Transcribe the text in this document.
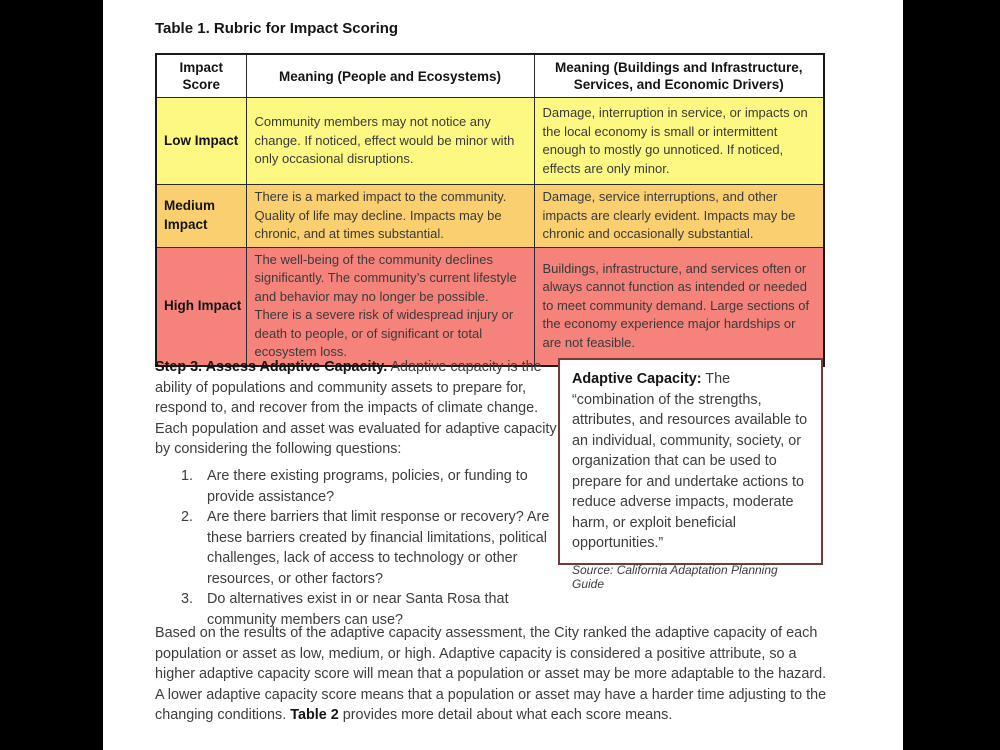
Table 1. Rubric for Impact Scoring
Impact Score	Meaning (People and Ecosystems)	Meaning (Buildings and Infrastructure, Services, and Economic Drivers)
Low Impact	Community members may not notice any change. If noticed, effect would be minor with only occasional disruptions.	Damage, interruption in service, or impacts on the local economy is small or intermittent enough to mostly go unnoticed. If noticed, effects are only minor.
Medium Impact	There is a marked impact to the community. Quality of life may decline. Impacts may be chronic, and at times substantial.	Damage, service interruptions, and other impacts are clearly evident. Impacts may be chronic and occasionally substantial.
High Impact	The well-being of the community declines significantly. The community’s current lifestyle and behavior may no longer be possible. There is a severe risk of widespread injury or death to people, or of significant or total ecosystem loss.	Buildings, infrastructure, and services often or always cannot function as intended or needed to meet community demand. Large sections of the economy experience major hardships or are not feasible.
Step 3. Assess Adaptive Capacity. Adaptive capacity is the ability of populations and community assets to prepare for, respond to, and recover from the impacts of climate change. Each population and asset was evaluated for adaptive capacity by considering the following questions:
1. Are there existing programs, policies, or funding to provide assistance?
2. Are there barriers that limit response or recovery? Are these barriers created by financial limitations, political challenges, lack of access to technology or other resources, or other factors?
3. Do alternatives exist in or near Santa Rosa that community members can use?
Adaptive Capacity: The “combination of the strengths, attributes, and resources available to an individual, community, society, or organization that can be used to prepare for and undertake actions to reduce adverse impacts, moderate harm, or exploit beneficial opportunities.”
Source: California Adaptation Planning Guide
Based on the results of the adaptive capacity assessment, the City ranked the adaptive capacity of each population or asset as low, medium, or high. Adaptive capacity is considered a positive attribute, so a higher adaptive capacity score will mean that a population or asset may be more adaptable to the hazard. A lower adaptive capacity score means that a population or asset may have a harder time adjusting to the changing conditions. Table 2 provides more detail about what each score means.
